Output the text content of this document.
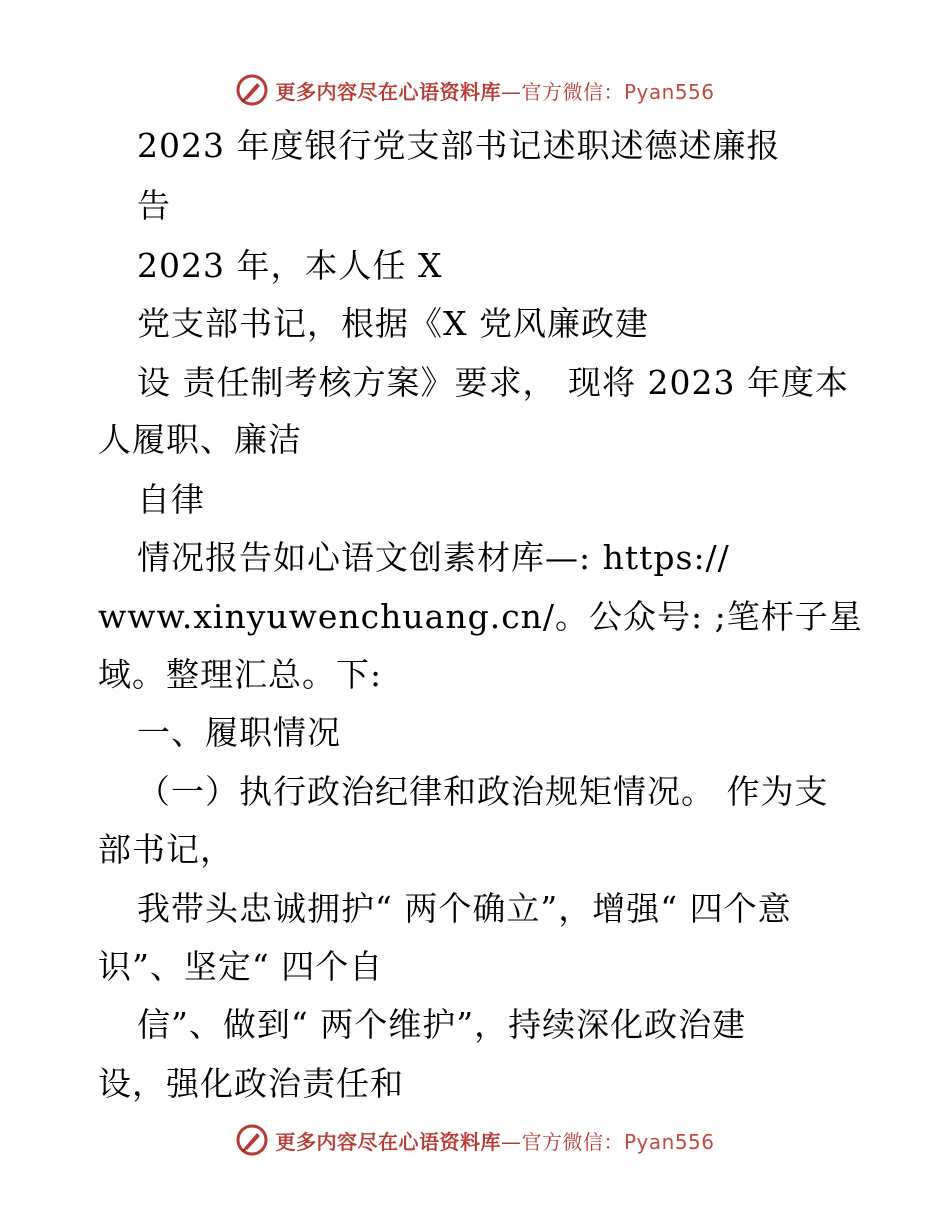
更多内容尽在心语资料库—官方微信：Pyan556
2023 年度银行党支部书记述职述德述廉报
告
2023 年，本人任 X
党支部书记，根据《X 党风廉政建
设 责任制考核方案》要求， 现将 2023 年度本
人履职、廉洁
自律
情况报告如心语文创素材库—: https://
www.xinyuwenchuang.cn/。公众号: ;笔杆子星
域。整理汇总。下:
一、履职情况
（一）执行政治纪律和政治规矩情况。 作为支
部书记，
我带头忠诚拥护“ 两个确立”，增强“ 四个意
识”、坚定“ 四个自
信”、做到“ 两个维护”，持续深化政治建
设，强化政治责任和
更多内容尽在心语资料库—官方微信：Pyan556
